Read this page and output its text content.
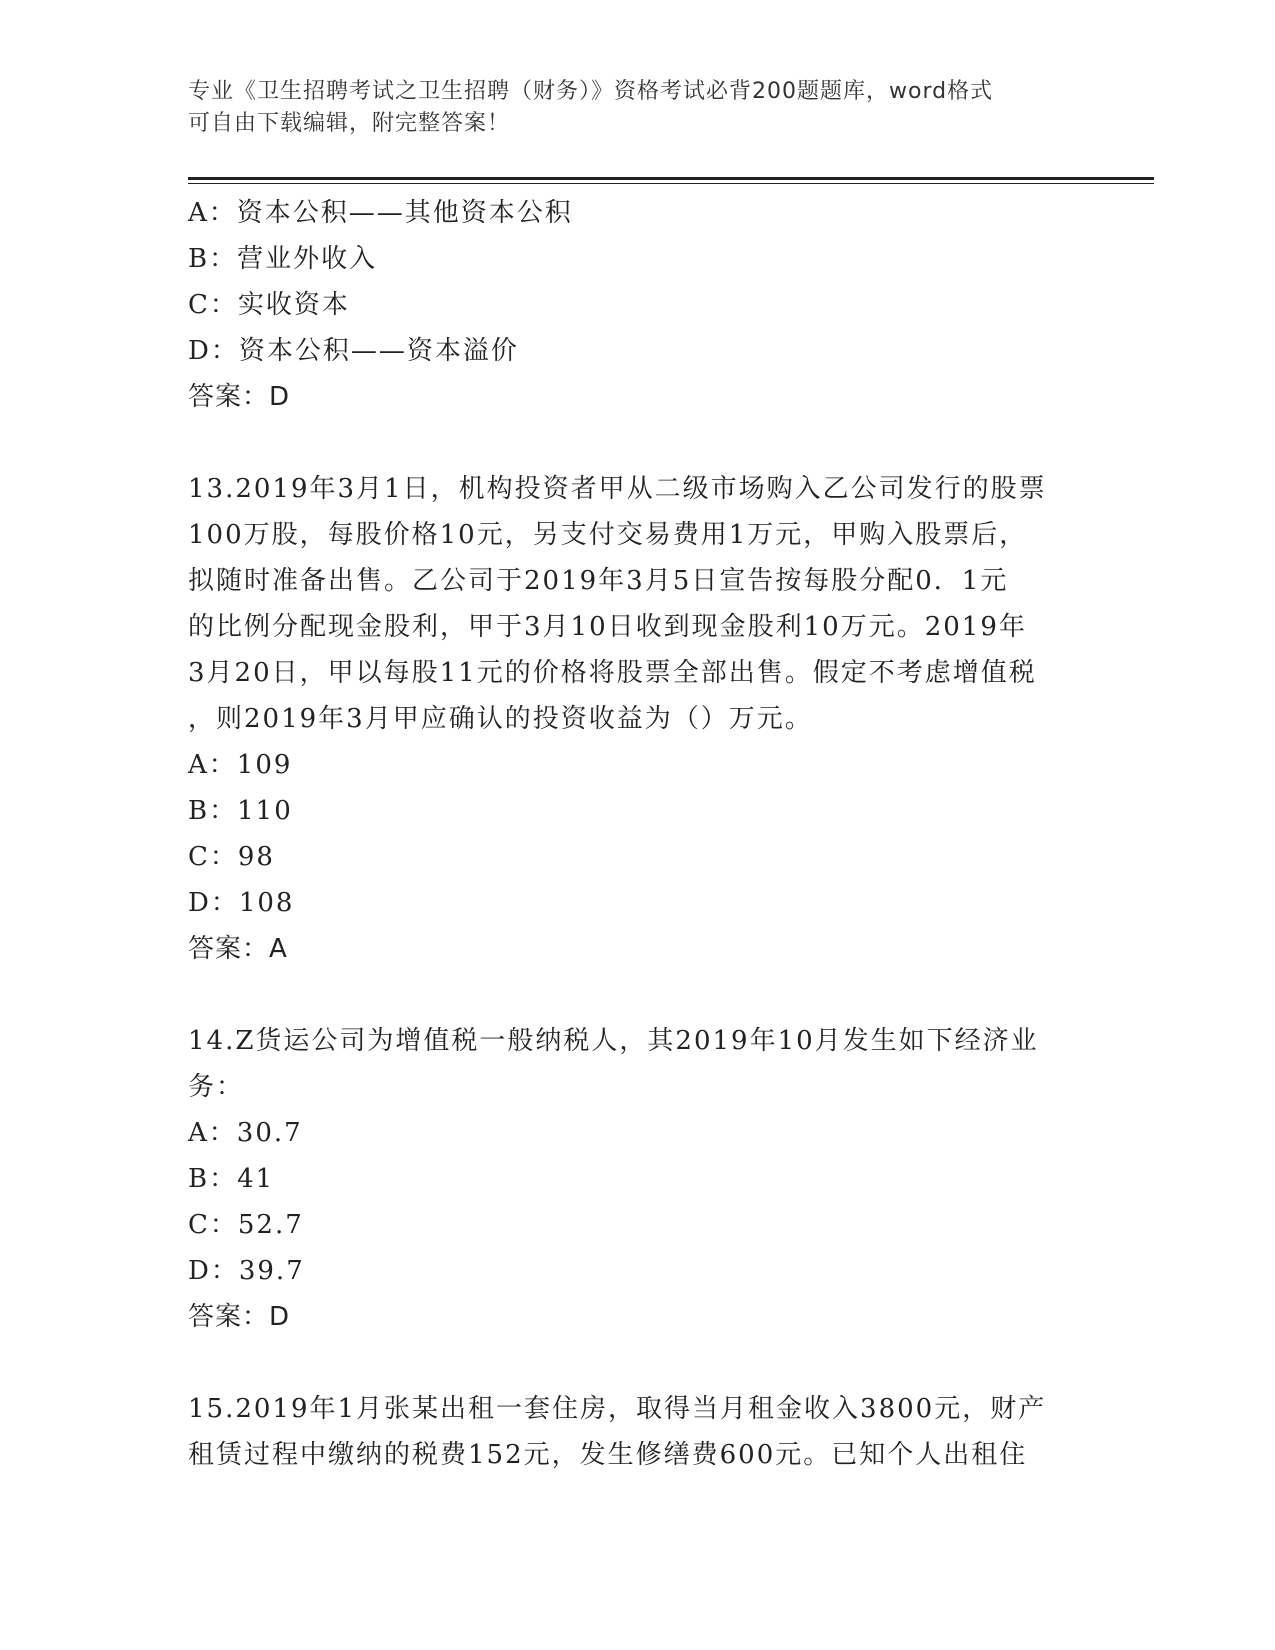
专业《卫生招聘考试之卫生招聘（财务）》资格考试必背200题题库，word格式
可自由下载编辑，附完整答案！
A：资本公积——其他资本公积
B：营业外收入
C：实收资本
D：资本公积——资本溢价
答案：D
13.2019年3月1日，机构投资者甲从二级市场购入乙公司发行的股票
100万股，每股价格10元，另支付交易费用1万元，甲购入股票后，
拟随时准备出售。乙公司于2019年3月5日宣告按每股分配0．1元
的比例分配现金股利，甲于3月10日收到现金股利10万元。2019年
3月20日，甲以每股11元的价格将股票全部出售。假定不考虑增值税
，则2019年3月甲应确认的投资收益为（）万元。
A：109
B：110
C：98
D：108
答案：A
14.Z货运公司为增值税一般纳税人，其2019年10月发生如下经济业
务：
A：30.7
B：41
C：52.7
D：39.7
答案：D
15.2019年1月张某出租一套住房，取得当月租金收入3800元，财产
租赁过程中缴纳的税费152元，发生修缮费600元。已知个人出租住
